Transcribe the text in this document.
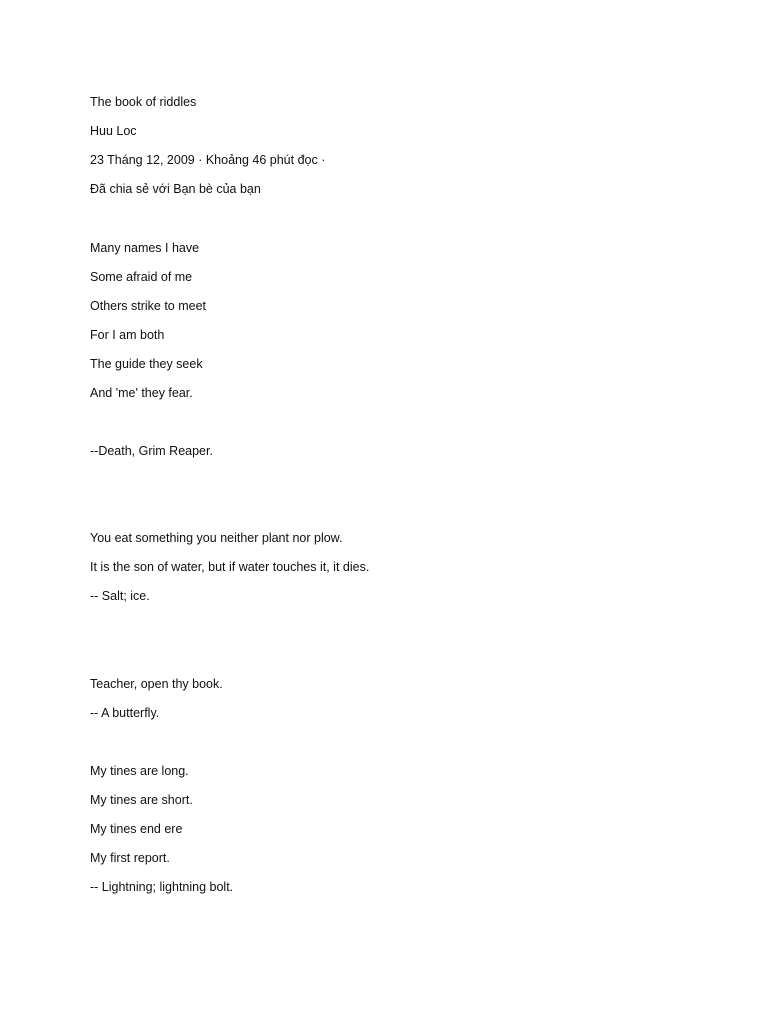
The book of riddles

Huu Loc

23 Tháng 12, 2009 · Khoảng 46 phút đọc ·

Đã chia sẻ với Bạn bè của bạn

Many names I have

Some afraid of me

Others strike to meet

For I am both

The guide they seek

And 'me' they fear.

--Death, Grim Reaper.

You eat something you neither plant nor plow.

It is the son of water, but if water touches it, it dies.

-- Salt; ice.

Teacher, open thy book.

-- A butterfly.

My tines are long.

My tines are short.

My tines end ere

My first report.

-- Lightning; lightning bolt.
